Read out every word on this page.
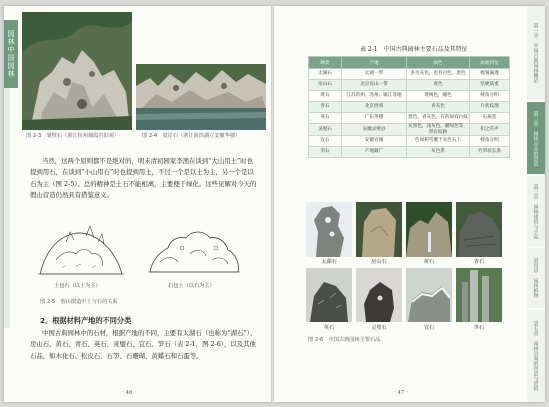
园林中国园林
图 2-3　皱壁石（浙江杭州烟霞岩旧观）	图 2-4　驳岸石（浙江海滨湖立安徽华楼）

当然，这两个原则都不是绝对的，明末清初园家李渔在谈到“大山用土”时也提到用石，在谈到“小山用石”时也提到用土，不过一个是以土为主，另一个是以石为主（图 2-5）。总的精神是土石不能相离，主要便于绿化。这些见解对今天的假山营造仍然具有借鉴意义。

土包石（以土为主）	石包土（以石为主）
图 2-5　假山掇造中土与石的关系
2．根据材料产地的不同分类

中国古典园林中的石材，根据产地的不同，主要有太湖石（也称为“湖石”）、房山石、黄石、青石、英石、灵璧石、宜石、笋石（表 2-1，图 2-6），以及其他石品，如木化石、松皮石、石笋、石珊瑚、黄蜡石和石蛋等。

· 46 ·
表 2-1　中国古典园林主要石品及其特征
种类	产地	颜色	质地特征
太湖石	太湖一带	多为灰色，也有白色、黑色	瘦皱漏透
房山石	北京房山一带	黄色	坚硬质重
黄石	江苏常州、苏州、镇江等地	黄褐色，赭色	棱角分明
青石	北京西郊	青灰色	片状纹理
英石	广东英德	黑色，青灰色，有的间有白纹	石质坚
灵璧石	安徽灵璧县	灰黑色，浅灰色，赭绿色等，带有纹路	扣之有声
宜石	安徽宣城	色如积雪覆于灰色石上	棱角分明
笋石	产地颇广	灰色系	竹笋状长条
太湖石	房山石	黄石	青石
英石	灵璧石	宜石	笋石
图 2-6　中国古典园林主要石品
第一章　中国古典园林概论
第二章　园林山水的营造
第三章　园林建筑与小品
第四章　园林植物
第五章　园林景观的营造与赏析
· 47 ·
